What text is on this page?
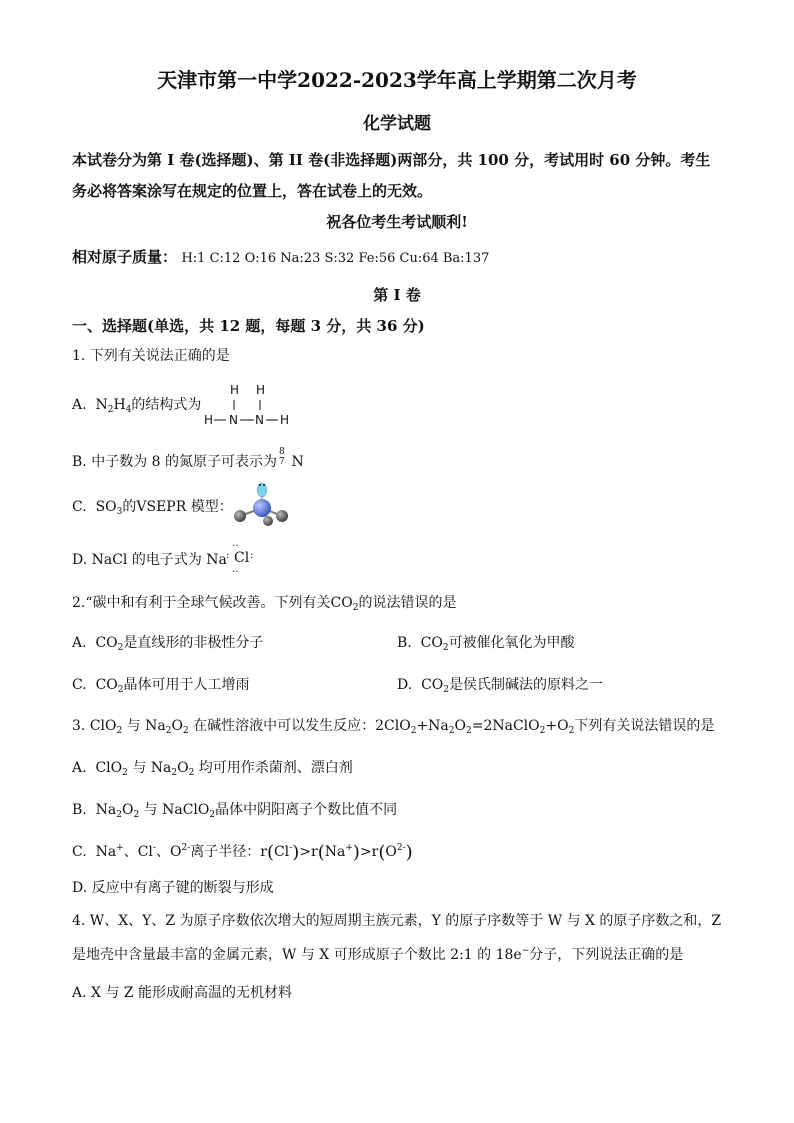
天津市第一中学2022-2023学年高上学期第二次月考
化学试题
本试卷分为第 I 卷(选择题)、第 II 卷(非选择题)两部分，共 100 分，考试用时 60 分钟。考生
务必将答案涂写在规定的位置上，答在试卷上的无效。
祝各位考生考试顺利!
相对原子质量： H:1 C:12 O:16 Na:23 S:32 Fe:56 Cu:64 Ba:137
第 I 卷
一、选择题(单选，共 12 题，每题 3 分，共 36 分)
1. 下列有关说法正确的是
A. $N_2H_4$的结构式为
H H
H N N H
B. 中子数为 8 的氮原子可表示为
8
7 N
C. $SO_3$的VSEPR 模型：
D. NaCl 的电子式为 Na
‥
: Cl :
‥
2.“碳中和有利于全球气候改善。下列有关$CO_2$的说法错误的是
A.  $CO_2$是直线形的非极性分子	B.  $CO_2$可被催化氧化为甲酸
C.  $CO_2$晶体可用于人工增雨	D.  $CO_2$是侯氏制碱法的原料之一
3. ClO$_2$ 与 $Na_2O_2$ 在碱性溶液中可以发生反应：$2ClO_2+Na_2O_2=2NaClO_2+O_2$下列有关说法错误的是
A.  ClO$_2$ 与 $Na_2O_2$ 均可用作杀菌剂、漂白剂
B.  $Na_2O_2$ 与 NaClO$_2$晶体中阴阳离子个数比值不同
C.  Na+、Cl-、$O^{2-}$离子半径：$r(Cl^-)>r(Na^+)>r(O^{2-})$
D. 反应中有离子键的断裂与形成
4. W、X、Y、Z 为原子序数依次增大的短周期主族元素，Y 的原子序数等于 W 与 X 的原子序数之和，Z
是地壳中含量最丰富的金属元素，W 与 X 可形成原子个数比 2:1 的 18e−分子，下列说法正确的是
A. X 与 Z 能形成耐高温的无机材料
